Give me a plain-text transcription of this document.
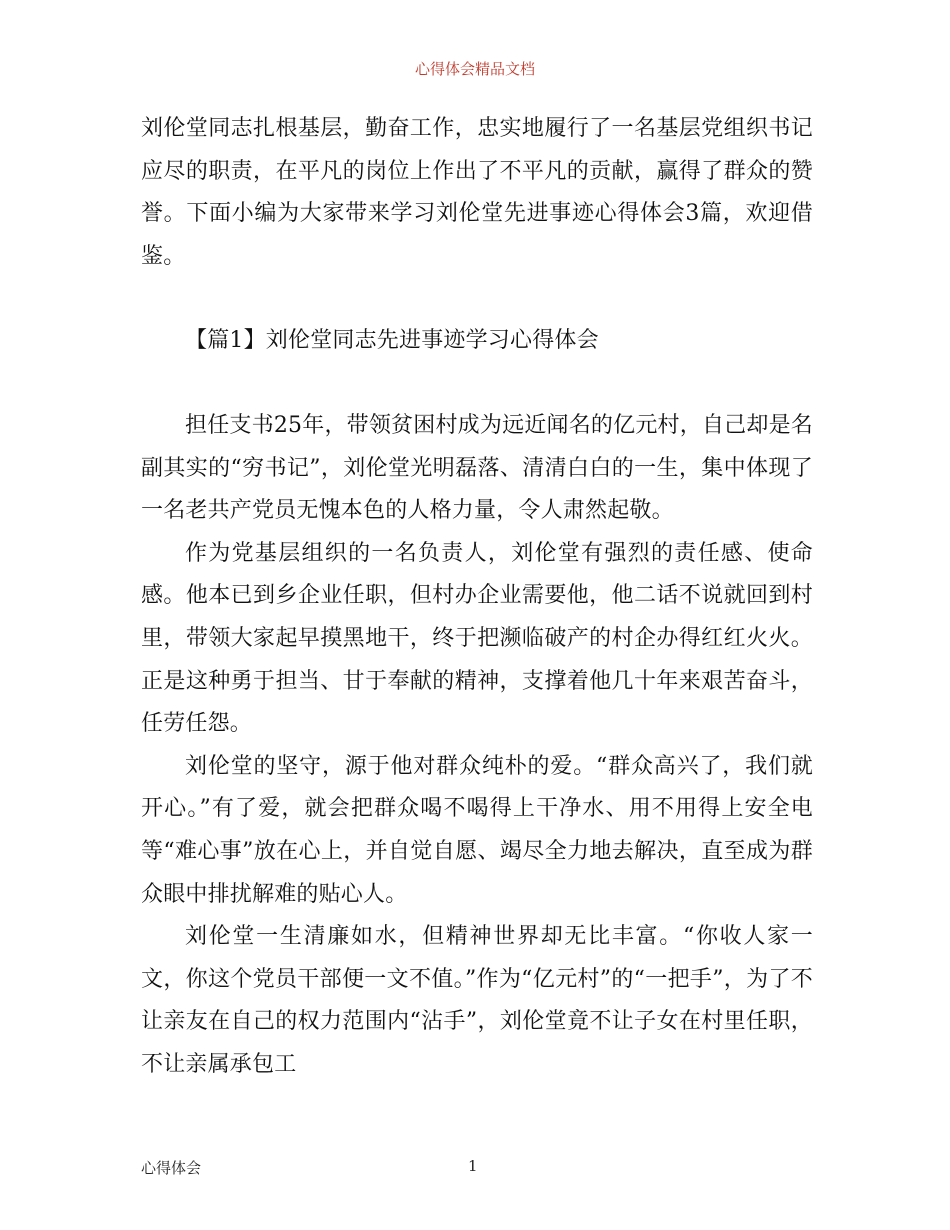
心得体会精品文档

刘伦堂同志扎根基层，勤奋工作，忠实地履行了一名基层党组织书记应尽的职责，在平凡的岗位上作出了不平凡的贡献，赢得了群众的赞誉。下面小编为大家带来学习刘伦堂先进事迹心得体会3篇，欢迎借鉴。

【篇1】刘伦堂同志先进事迹学习心得体会

担任支书25年，带领贫困村成为远近闻名的亿元村，自己却是名副其实的“穷书记”，刘伦堂光明磊落、清清白白的一生，集中体现了一名老共产党员无愧本色的人格力量，令人肃然起敬。

作为党基层组织的一名负责人，刘伦堂有强烈的责任感、使命感。他本已到乡企业任职，但村办企业需要他，他二话不说就回到村里，带领大家起早摸黑地干，终于把濒临破产的村企办得红红火火。正是这种勇于担当、甘于奉献的精神，支撑着他几十年来艰苦奋斗，任劳任怨。

刘伦堂的坚守，源于他对群众纯朴的爱。“群众高兴了，我们就开心。”有了爱，就会把群众喝不喝得上干净水、用不用得上安全电等“难心事”放在心上，并自觉自愿、竭尽全力地去解决，直至成为群众眼中排扰解难的贴心人。

刘伦堂一生清廉如水，但精神世界却无比丰富。“你收人家一文，你这个党员干部便一文不值。”作为“亿元村”的“一把手”，为了不让亲友在自己的权力范围内“沾手”，刘伦堂竟不让子女在村里任职，不让亲属承包工

心得体会	1
